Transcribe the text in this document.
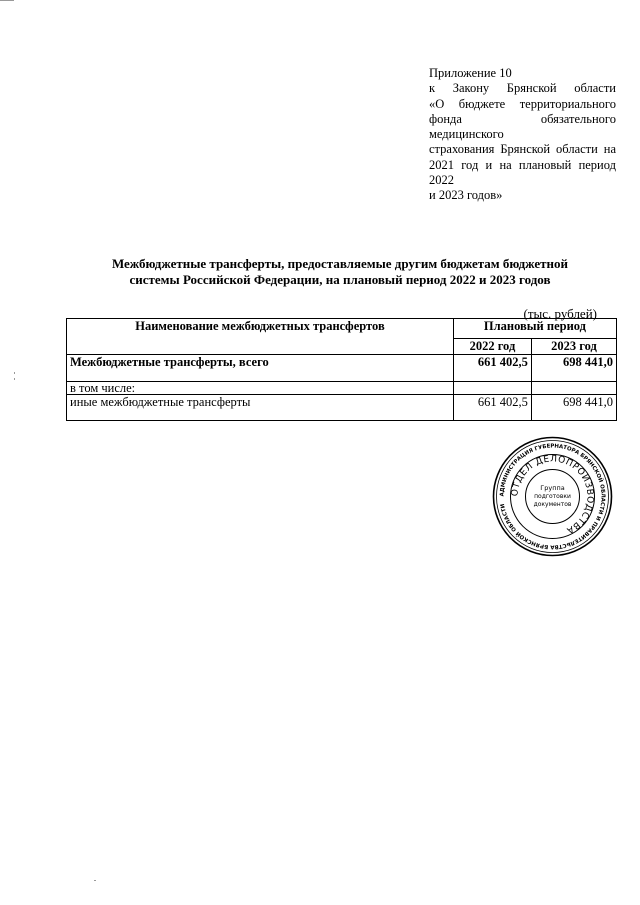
Приложение 10
к Закону Брянской области
«О бюджете территориального
фонда обязательного медицинского
страхования Брянской области на
2021 год и на плановый период 2022
и 2023 годов»
Межбюджетные трансферты, предоставляемые другим бюджетам бюджетной
системы Российской Федерации, на плановый период 2022 и 2023 годов
(тыс. рублей)
Наименование межбюджетных трансфертов	Плановый период	
	2022 год	2023 год
Межбюджетные трансферты, всего	661 402,5	698 441,0
в том числе:		
иные межбюджетные трансферты	661 402,5	698 441,0
АДМИНИСТРАЦИЯ ГУБЕРНАТОРА БРЯНСКОЙ ОБЛАСТИ И ПРАВИТЕЛЬСТВА БРЯНСКОЙ ОБЛАСТИ
ОТДЕЛ ДЕЛОПРОИЗВОДСТВА
Группа
подготовки
документов
